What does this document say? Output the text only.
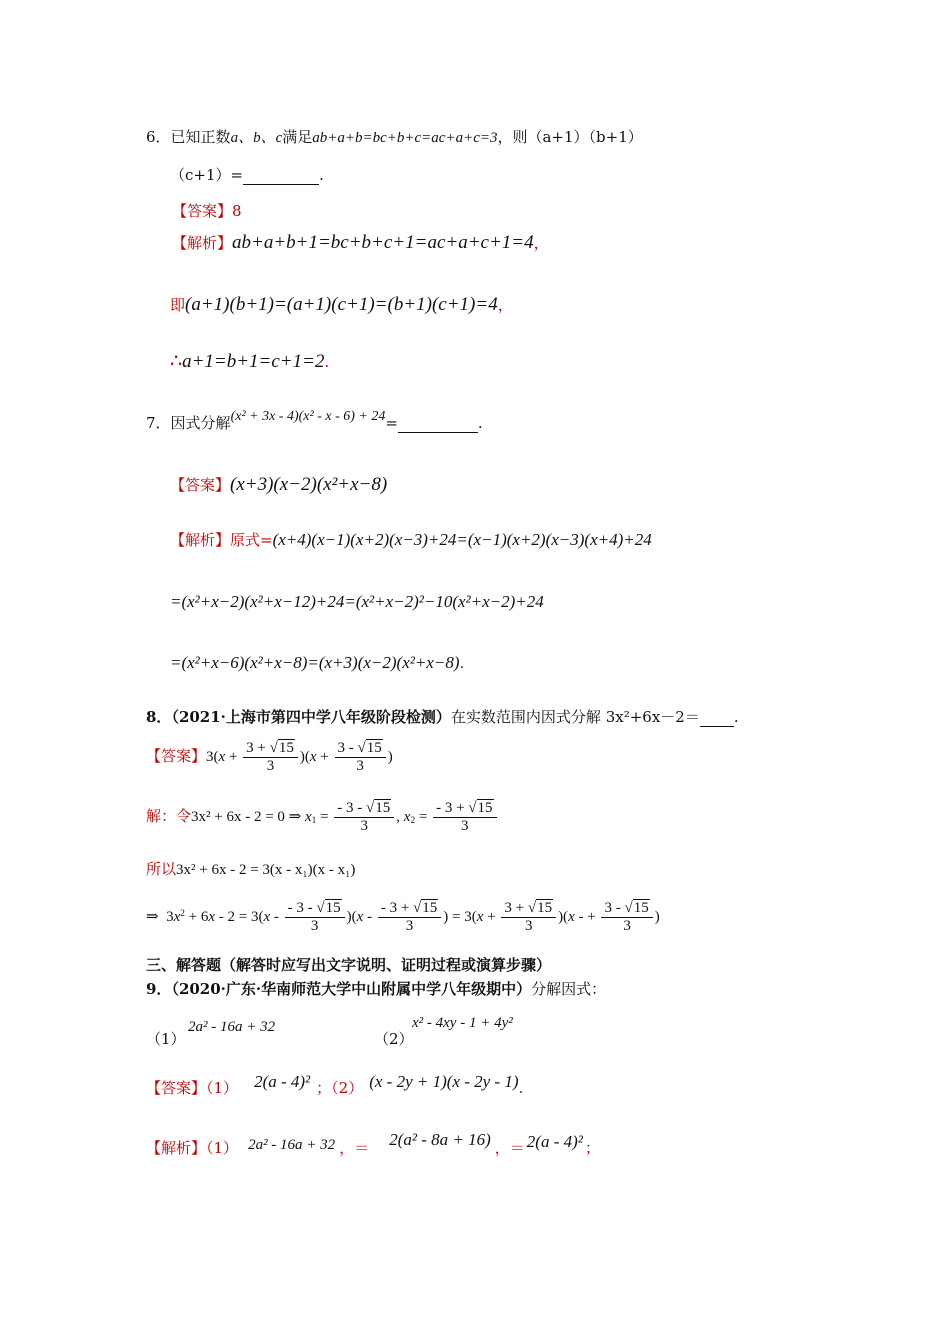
6．已知正数a、b、c满足ab+a+b=bc+b+c=ac+a+c=3，则（a+1）（b+1）
（c+1）=	.
【答案】8
【解析】ab+a+b+1=bc+b+c+1=ac+a+c+1=4，
即(a+1)(b+1)=(a+1)(c+1)=(b+1)(c+1)=4，
∴a+1=b+1=c+1=2.
7．因式分解(x² + 3x - 4)(x² - x - 6) + 24=	.
【答案】(x+3)(x−2)(x²+x−8)
【解析】原式=(x+4)(x−1)(x+2)(x−3)+24=(x−1)(x+2)(x−3)(x+4)+24
=(x²+x−2)(x²+x−12)+24=(x²+x−2)²−10(x²+x−2)+24
=(x²+x−6)(x²+x−8)=(x+3)(x−2)(x²+x−8).
8．（2021·上海市第四中学八年级阶段检测）在实数范围内因式分解 3x²+6x－2＝ .
【答案】$3(x + \frac{3 + √15}{3} )(x + \frac{3 - √15}{3}$ )
解：令3x² + 6x - 2 = 0 ⇒ $x_1 = \frac{- 3 - √15}{3}$ , $x_2 = \frac{- 3 + √15}{3}$
所以3x² + 6x - 2 = 3(x - x₁)(x - x₁)
⇒  $3x^2 + 6x - 2 = 3(x - \frac{- 3 - √15}{3} )(x - \frac{- 3 + √15}{3}$ ) = $3(x + \frac{3 + √15}{3} )(x$ - + $\frac{3 - √15}{3}$ )
三、解答题（解答时应写出文字说明、证明过程或演算步骤）
9．（2020·广东·华南师范大学中山附属中学八年级期中）分解因式：
（1）
2a² - 16a + 32
（2）
x² - 4xy - 1 + 4y²
【答案】（1） 2(a - 4)² ；（2） (x - 2y + 1)(x - 2y - 1).
【解析】（1） 2a² - 16a + 32 ，＝ 2(a² - 8a + 16) ，＝ 2(a - 4)² ；
